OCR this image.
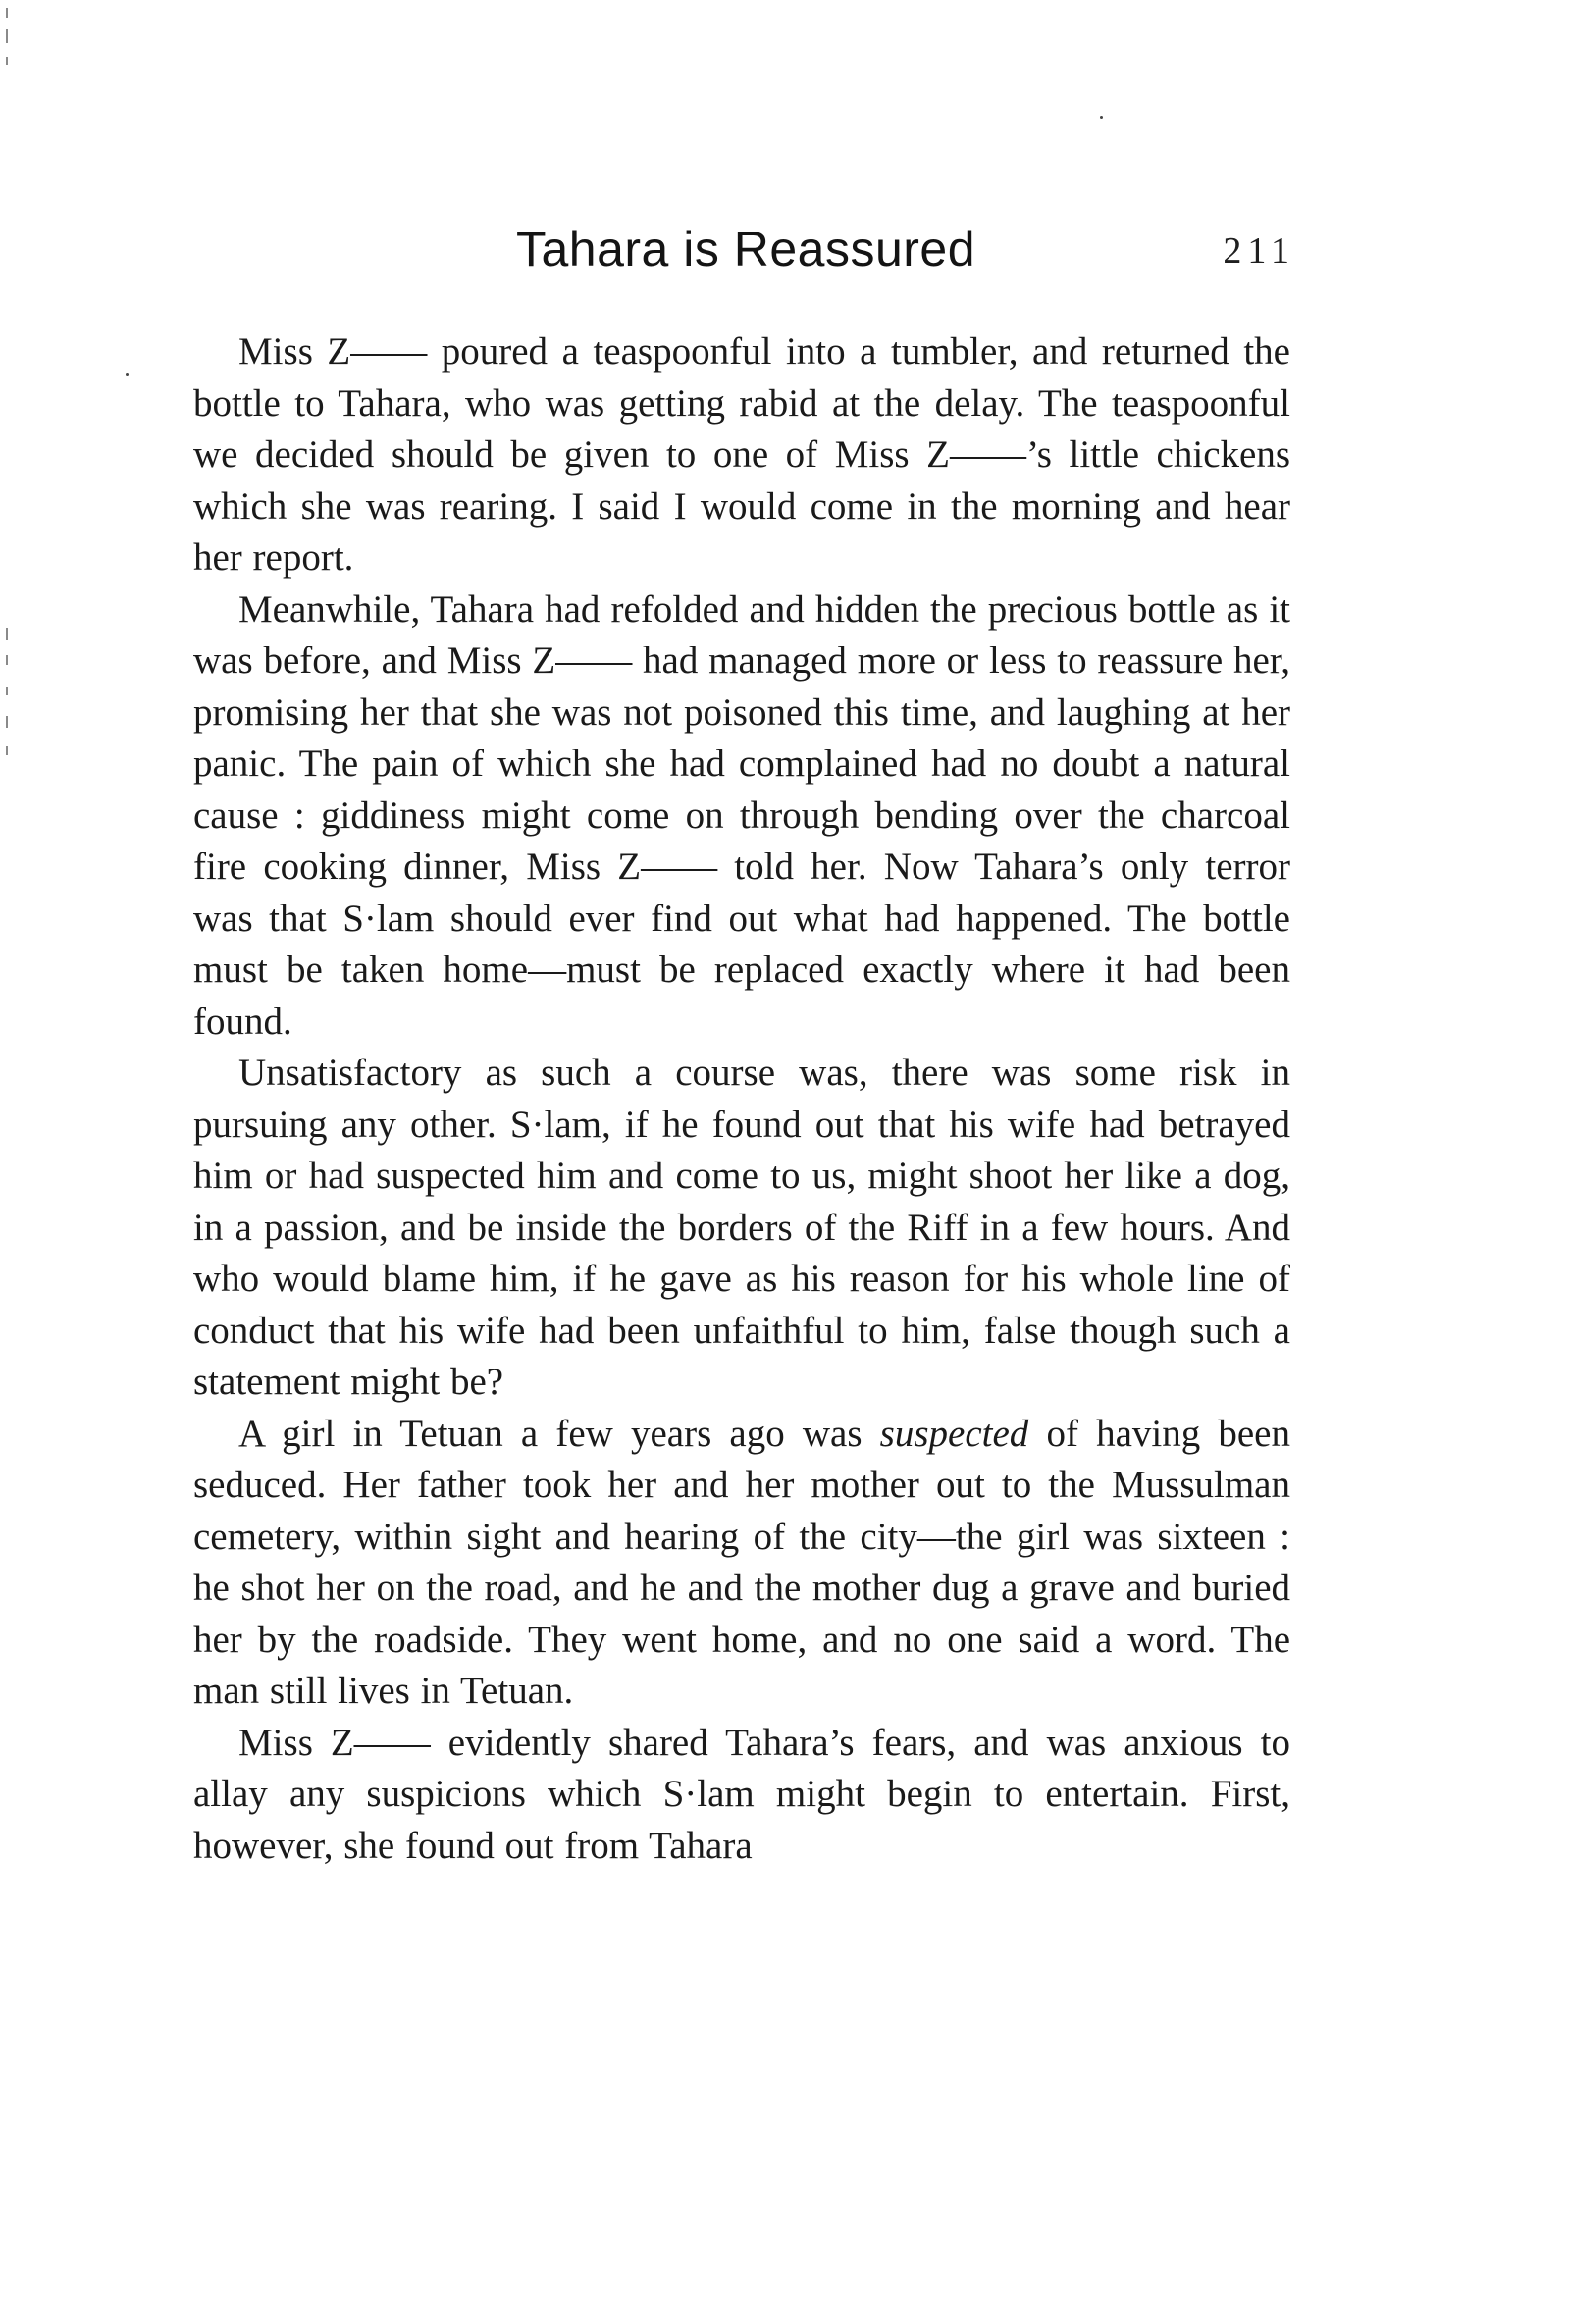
Tahara is Reassured	211

Miss Z—— poured a teaspoonful into a tumbler, and returned the bottle to Tahara, who was getting rabid at the delay. The teaspoonful we decided should be given to one of Miss Z——’s little chickens which she was rearing. I said I would come in the morning and hear her report.

Meanwhile, Tahara had refolded and hidden the precious bottle as it was before, and Miss Z—— had managed more or less to reassure her, promising her that she was not poisoned this time, and laughing at her panic. The pain of which she had complained had no doubt a natural cause : giddiness might come on through bending over the charcoal fire cooking dinner, Miss Z—— told her. Now Tahara’s only terror was that S·lam should ever find out what had happened. The bottle must be taken home—must be replaced exactly where it had been found.

Unsatisfactory as such a course was, there was some risk in pursuing any other. S·lam, if he found out that his wife had betrayed him or had suspected him and come to us, might shoot her like a dog, in a passion, and be inside the borders of the Riff in a few hours. And who would blame him, if he gave as his reason for his whole line of conduct that his wife had been unfaithful to him, false though such a statement might be?

A girl in Tetuan a few years ago was suspected of having been seduced. Her father took her and her mother out to the Mussulman cemetery, within sight and hearing of the city—the girl was sixteen : he shot her on the road, and he and the mother dug a grave and buried her by the roadside. They went home, and no one said a word. The man still lives in Tetuan.

Miss Z—— evidently shared Tahara’s fears, and was anxious to allay any suspicions which S·lam might begin to entertain. First, however, she found out from Tahara
